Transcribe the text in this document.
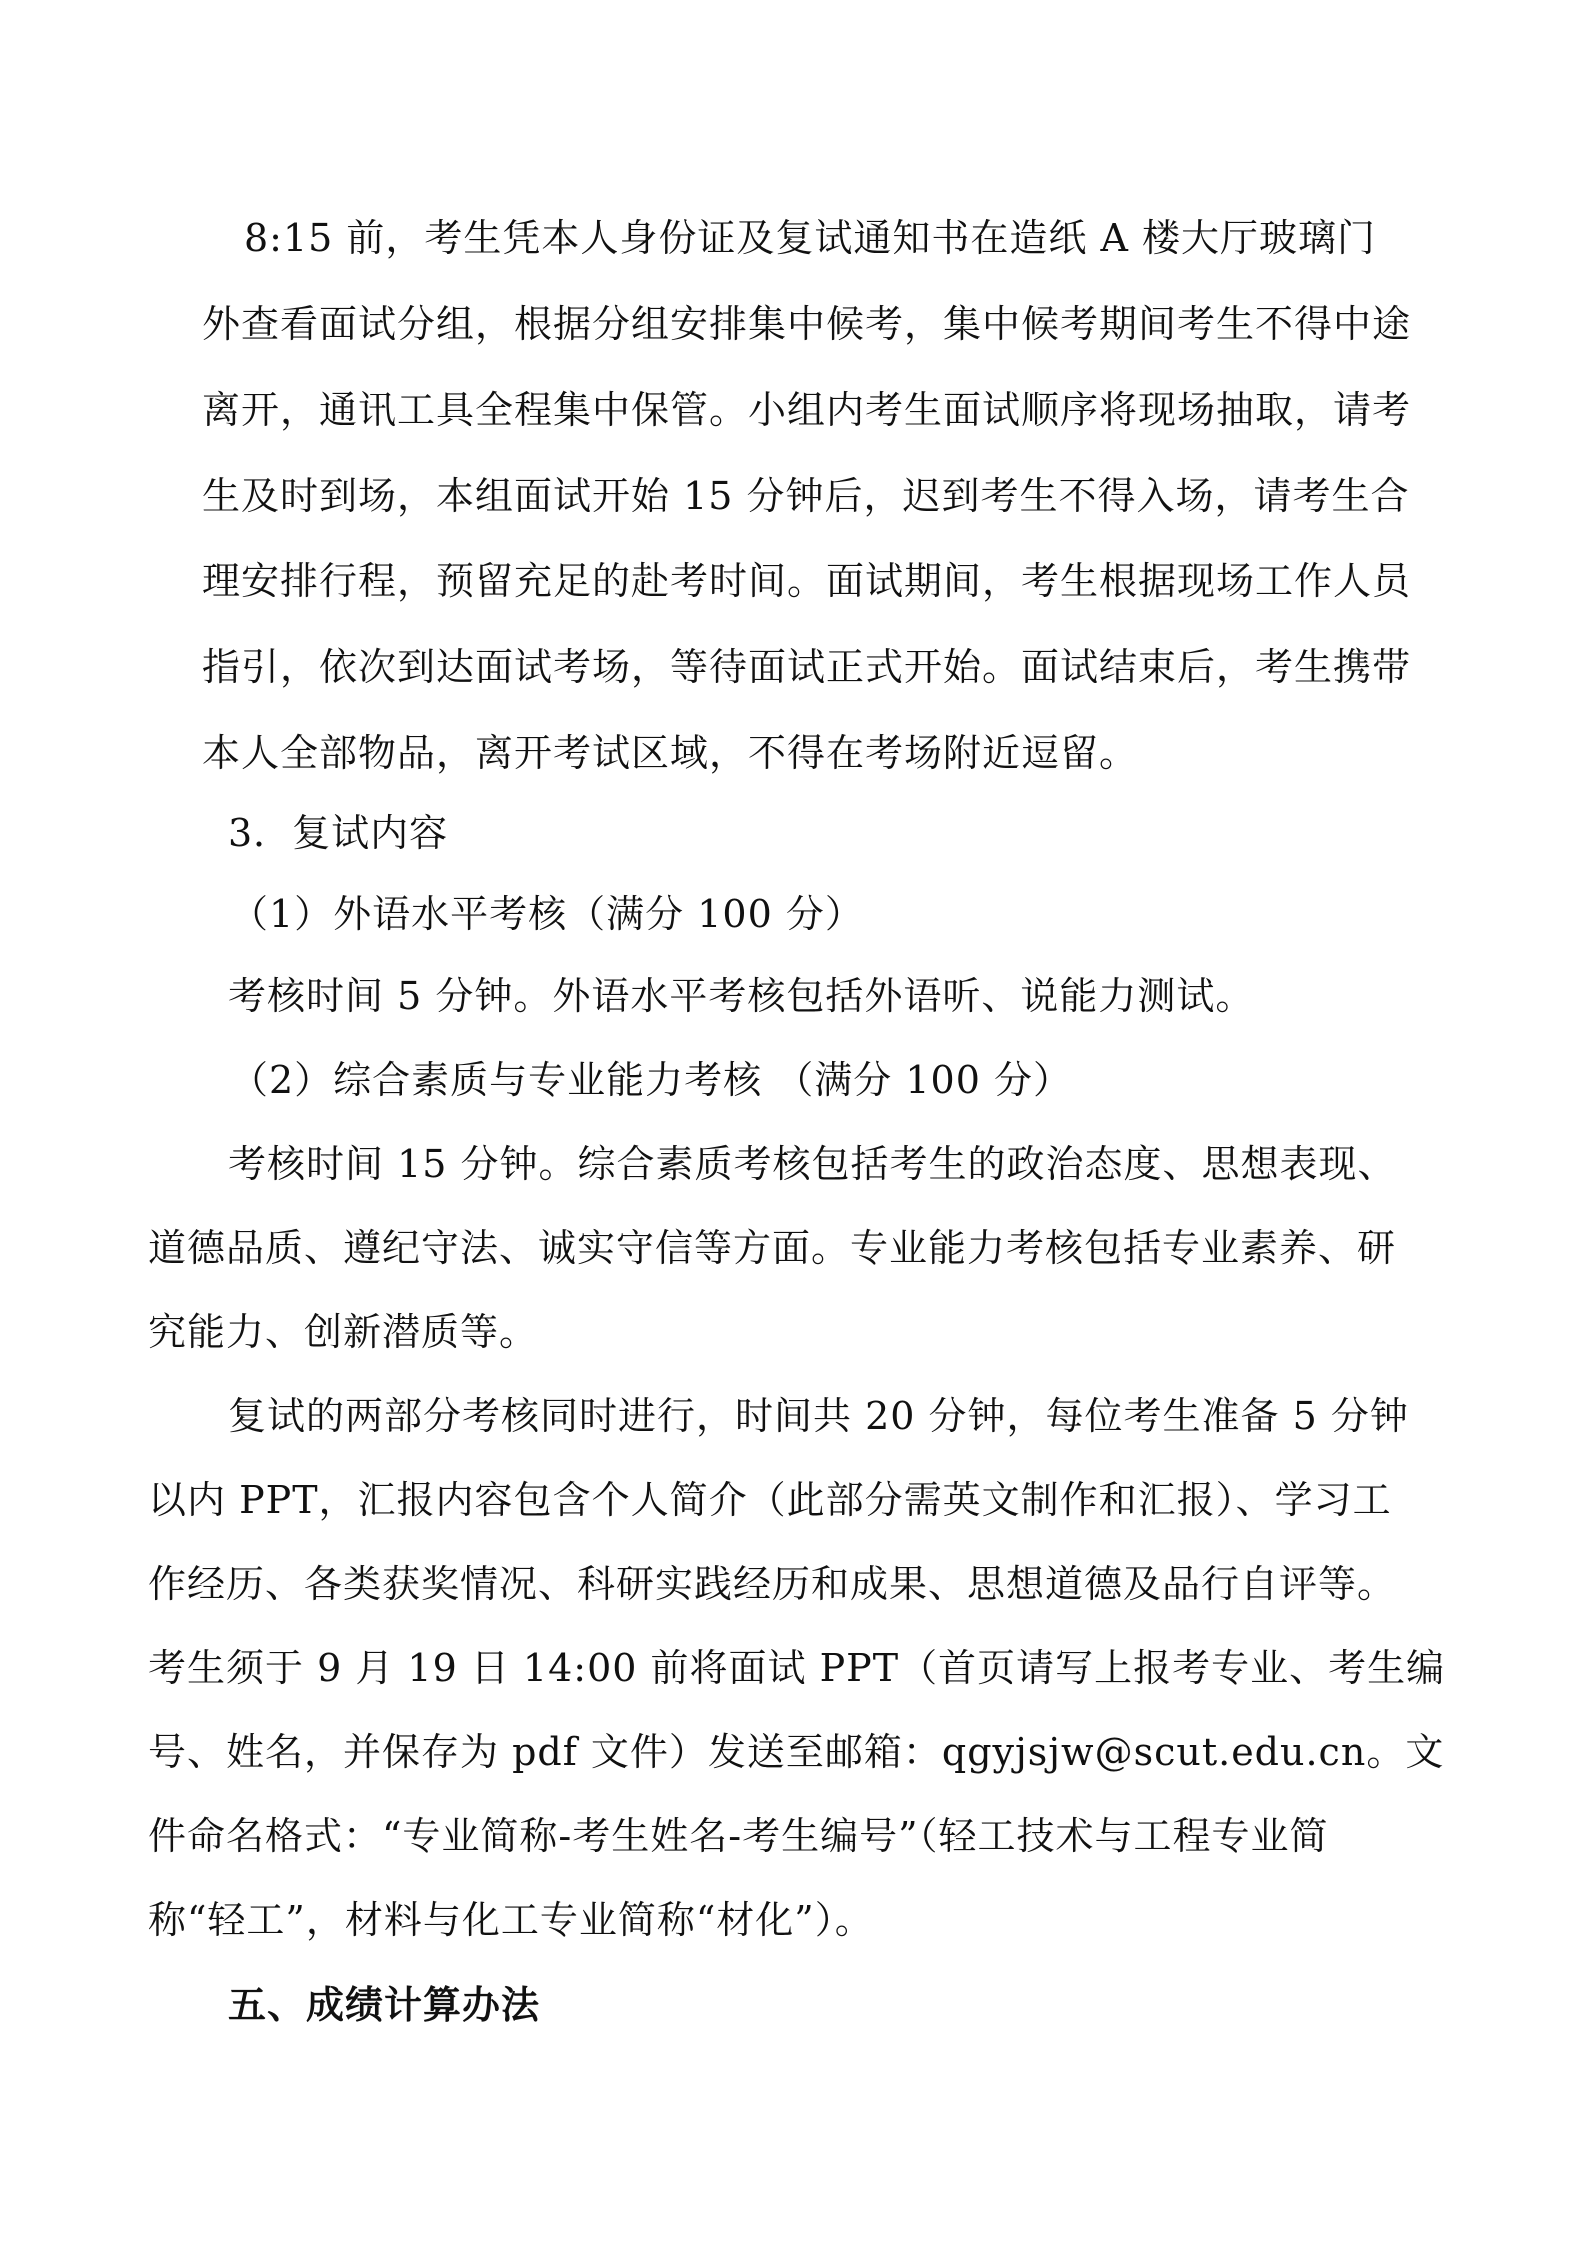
8:15 前，考生凭本人身份证及复试通知书在造纸 A 楼大厅玻璃门
外查看面试分组，根据分组安排集中候考，集中候考期间考生不得中途
离开，通讯工具全程集中保管。小组内考生面试顺序将现场抽取，请考
生及时到场，本组面试开始 15 分钟后，迟到考生不得入场，请考生合
理安排行程，预留充足的赴考时间。面试期间，考生根据现场工作人员
指引，依次到达面试考场，等待面试正式开始。面试结束后，考生携带
本人全部物品，离开考试区域，不得在考场附近逗留。
3．复试内容
（1）外语水平考核（满分 100 分）
考核时间 5 分钟。外语水平考核包括外语听、说能力测试。
（2）综合素质与专业能力考核 （满分 100 分）
考核时间 15 分钟。综合素质考核包括考生的政治态度、思想表现、
道德品质、遵纪守法、诚实守信等方面。专业能力考核包括专业素养、研
究能力、创新潜质等。
复试的两部分考核同时进行，时间共 20 分钟，每位考生准备 5 分钟
以内 PPT，汇报内容包含个人简介（此部分需英文制作和汇报）、学习工
作经历、各类获奖情况、科研实践经历和成果、思想道德及品行自评等。
考生须于 9 月 19 日 14:00 前将面试 PPT（首页请写上报考专业、考生编
号、姓名，并保存为 pdf 文件）发送至邮箱：qgyjsjw@scut.edu.cn。文
件命名格式：“专业简称-考生姓名-考生编号”（轻工技术与工程专业简
称“轻工”，材料与化工专业简称“材化”）。
五、成绩计算办法
